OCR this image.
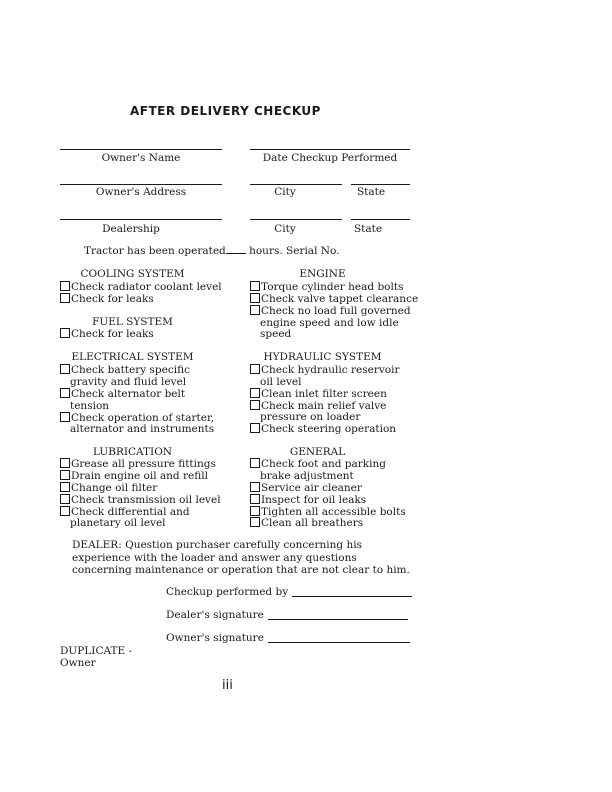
AFTER DELIVERY CHECKUP
Owner's Name	Date Checkup Performed
Owner's Address	City	State
Dealership	City	State
Tractor has been operated hours. Serial No.
COOLING SYSTEM
Check radiator coolant level
Check for leaks
FUEL SYSTEM
Check for leaks
ELECTRICAL SYSTEM
Check battery specific
gravity and fluid level
Check alternator belt
tension
Check operation of starter,
alternator and instruments
LUBRICATION
Grease all pressure fittings
Drain engine oil and refill
Change oil filter
Check transmission oil level
Check differential and
planetary oil level
ENGINE
Torque cylinder head bolts
Check valve tappet clearance
Check no load full governed
engine speed and low idle
speed
HYDRAULIC SYSTEM
Check hydraulic reservoir
oil level
Clean inlet filter screen
Check main relief valve
pressure on loader
Check steering operation
GENERAL
Check foot and parking
brake adjustment
Service air cleaner
Inspect for oil leaks
Tighten all accessible bolts
Clean all breathers
DEALER: Question purchaser carefully concerning his experience with the loader and answer any questions concerning maintenance or operation that are not clear to him.
Checkup performed by
Dealer's signature
Owner's signature
DUPLICATE -
Owner
iii
